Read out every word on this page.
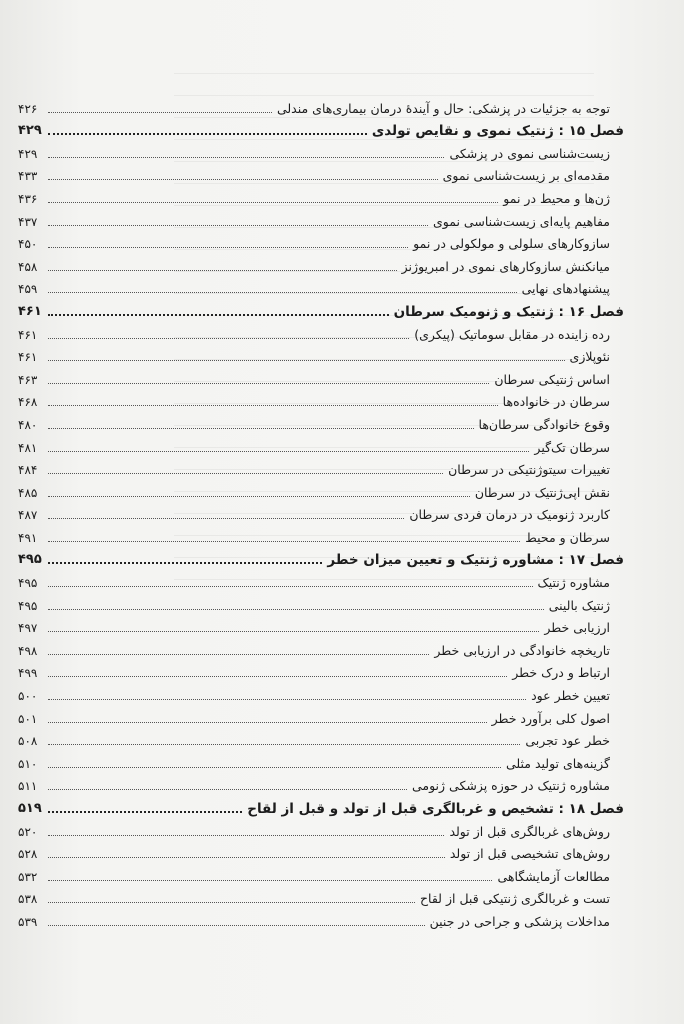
توجه به جزئیات در پزشکی: حال و آیندهٔ درمان بیماری‌های مندلی
۴۲۶
فصل ۱۵ : ژنتیک نموی و نقایص تولدی
۴۲۹
زیست‌شناسی نموی در پزشکی
۴۲۹
مقدمه‌ای بر زیست‌شناسی نموی
۴۳۳
ژن‌ها و محیط در نمو
۴۳۶
مفاهیم پایه‌ای زیست‌شناسی نموی
۴۳۷
سازوکارهای سلولی و مولکولی در نمو
۴۵۰
میانکنش سازوکارهای نموی در امبریوژنز
۴۵۸
پیشنهادهای نهایی
۴۵۹
فصل ۱۶ : ژنتیک و ژنومیک سرطان
۴۶۱
رده زاینده در مقابل سوماتیک (پیکری)
۴۶۱
نئوپلازی
۴۶۱
اساس ژنتیکی سرطان
۴۶۳
سرطان در خانواده‌ها
۴۶۸
وقوع خانوادگی سرطان‌ها
۴۸۰
سرطان تک‌گیر
۴۸۱
تغییرات سیتوژنتیکی در سرطان
۴۸۴
نقش اپی‌ژنتیک در سرطان
۴۸۵
کاربرد ژنومیک در درمان فردی سرطان
۴۸۷
سرطان و محیط
۴۹۱
فصل ۱۷ : مشاوره ژنتیک و تعیین میزان خطر
۴۹۵
مشاوره ژنتیک
۴۹۵
ژنتیک بالینی
۴۹۵
ارزیابی خطر
۴۹۷
تاریخچه خانوادگی در ارزیابی خطر
۴۹۸
ارتباط و درک خطر
۴۹۹
تعیین خطر عود
۵۰۰
اصول کلی برآورد خطر
۵۰۱
خطر عود تجربی
۵۰۸
گزینه‌های تولید مثلی
۵۱۰
مشاوره ژنتیک در حوزه پزشکی ژنومی
۵۱۱
فصل ۱۸ : تشخیص و غربالگری قبل از تولد و قبل از لقاح
۵۱۹
روش‌های غربالگری قبل از تولد
۵۲۰
روش‌های تشخیصی قبل از تولد
۵۲۸
مطالعات آزمایشگاهی
۵۳۲
تست و غربالگری ژنتیکی قبل از لقاح
۵۳۸
مداخلات پزشکی و جراحی در جنین
۵۳۹
